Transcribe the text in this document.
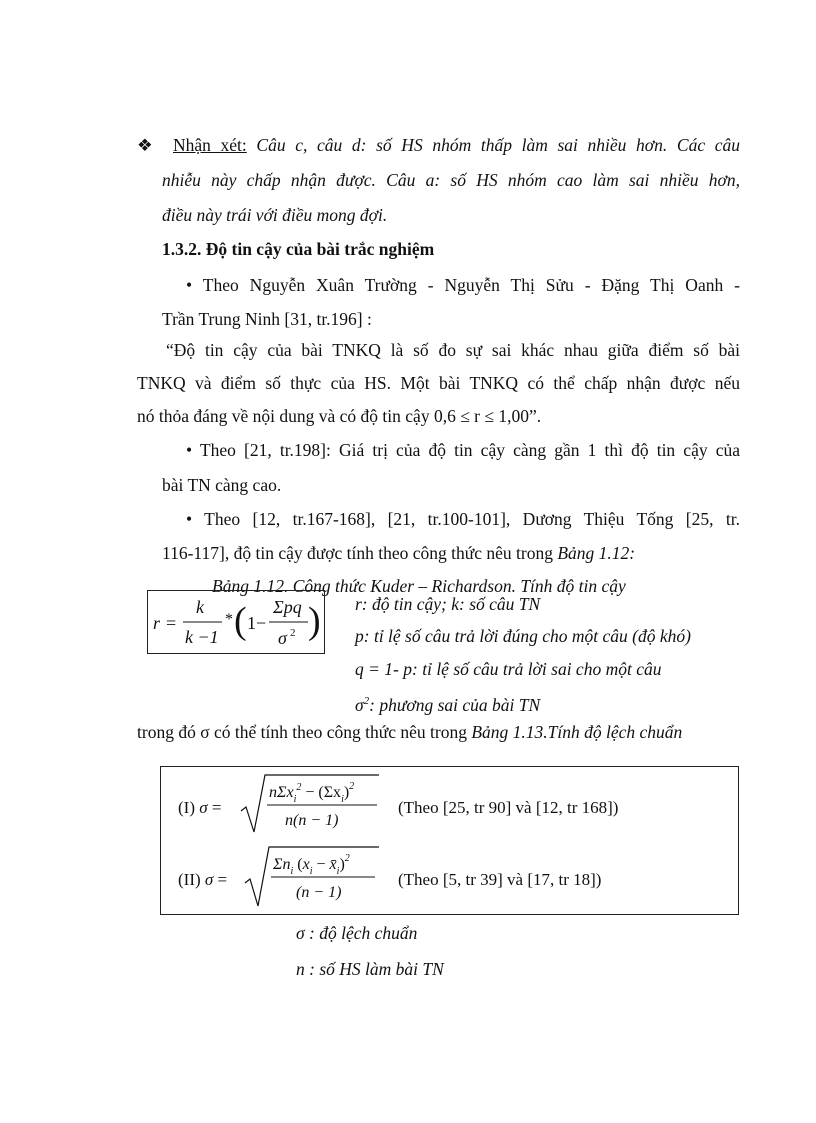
❖ Nhận xét: Câu c, câu d: số HS nhóm thấp làm sai nhiều hơn. Các câu
nhiễu này chấp nhận được. Câu a: số HS nhóm cao làm sai nhiều hơn,
điều này trái với điều mong đợi.
1.3.2. Độ tin cậy của bài trắc nghiệm
• Theo Nguyễn Xuân Trường - Nguyễn Thị Sửu - Đặng Thị Oanh -
Trần Trung Ninh [31, tr.196] :
“Độ tin cậy của bài TNKQ là số đo sự sai khác nhau giữa điểm số bài
TNKQ và điểm số thực của HS. Một bài TNKQ có thể chấp nhận được nếu
nó thỏa đáng về nội dung và có độ tin cậy 0,6 ≤ r ≤ 1,00”.
• Theo [21, tr.198]: Giá trị của độ tin cậy càng gần 1 thì độ tin cậy của
bài TN càng cao.
• Theo [12, tr.167-168], [21, tr.100-101], Dương Thiệu Tống [25, tr.
116-117], độ tin cậy được tính theo công thức nêu trong Bảng 1.12:
Bảng 1.12. Công thức Kuder – Richardson. Tính độ tin cậy
r =
k
k −1
* ( 1−
Σpq
σ 2 ) r: độ tin cậy; k: số câu TN
p: tỉ lệ số câu trả lời đúng cho một câu (độ khó)
q = 1- p: tỉ lệ số câu trả lời sai cho một câu
$\sigma^2$: phương sai của bài TN
trong đó σ có thể tính theo công thức nêu trong Bảng 1.13.Tính độ lệch chuẩn
(I) σ =
$n\Sigma x_i^2 - (\Sigma x_i)^2$
n(n − 1)
(Theo [25, tr 90] và [12, tr 168])
(II) σ =
$\Sigma n_i$ ($x_i$ − $x̄_i)^2$
(n − 1)
(Theo [5, tr 39] và [17, tr 18])
σ : độ lệch chuẩn
n : số HS làm bài TN
